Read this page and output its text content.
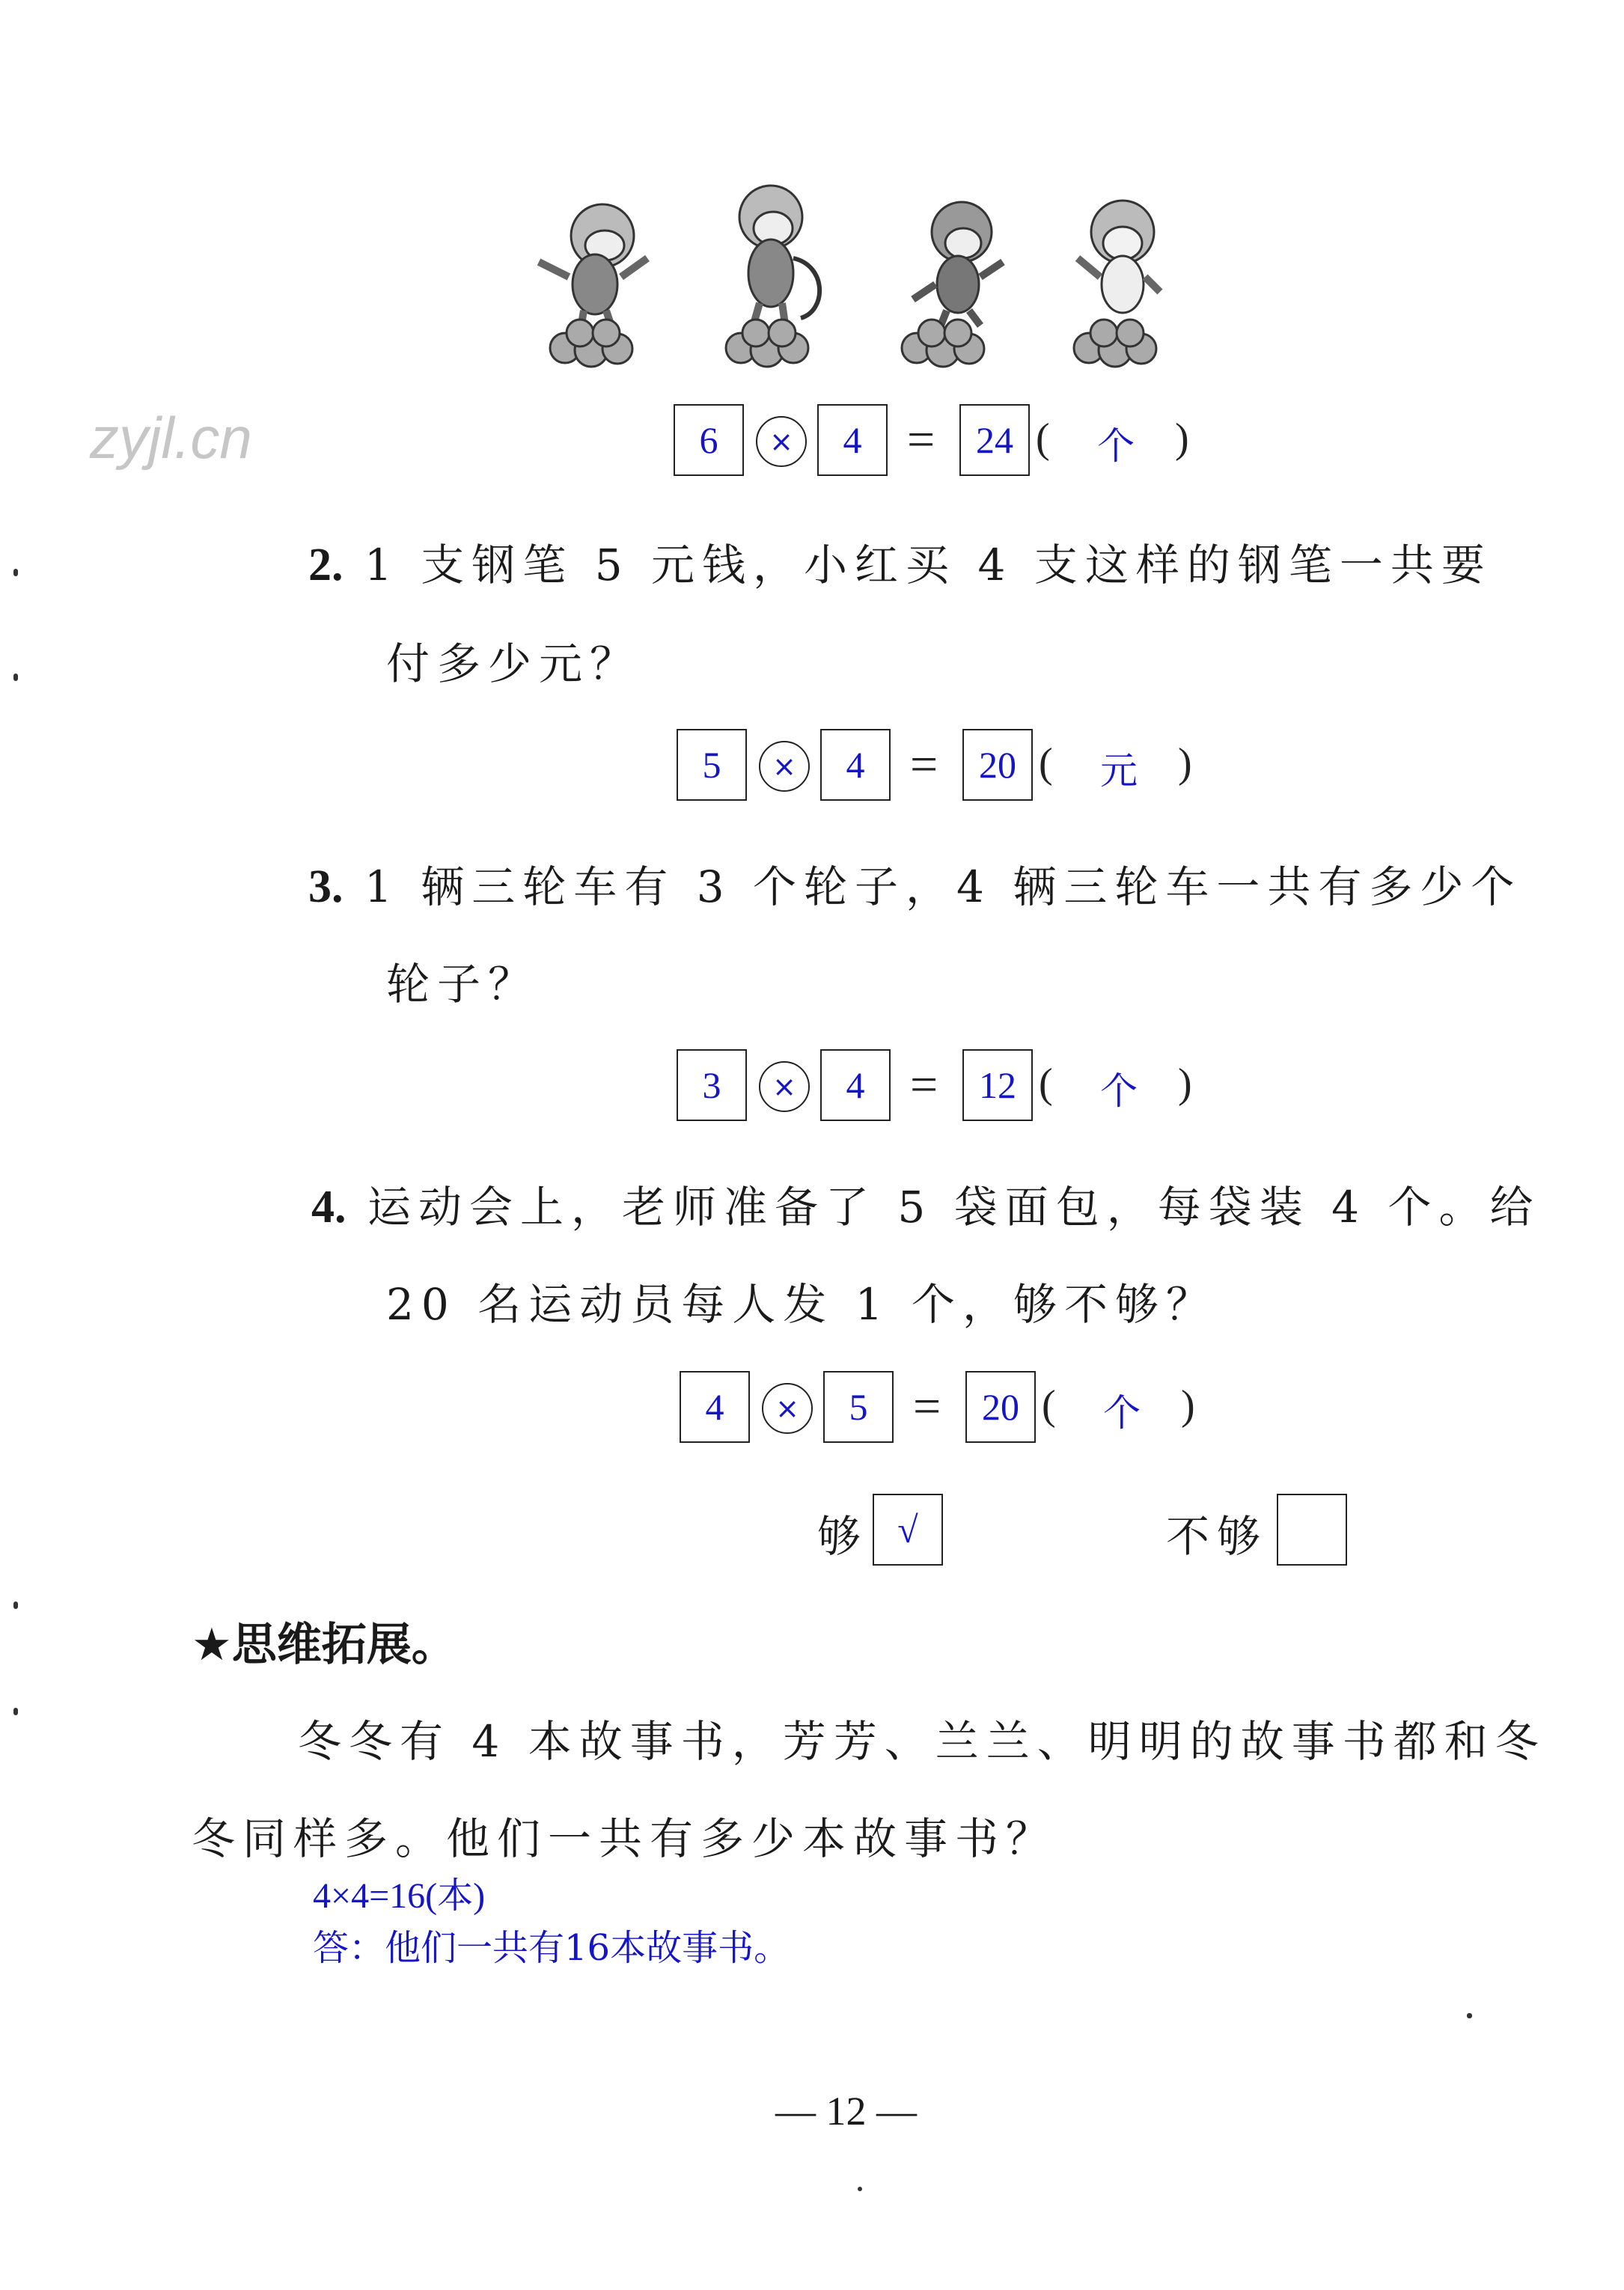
zyjl.cn	6	×	4 =	24 ( 个 )
2. 1 支钢笔 5 元钱，小红买 4 支这样的钢笔一共要
付多少元？
5	×	4 =	20 ( 元 )
3. 1 辆三轮车有 3 个轮子，4 辆三轮车一共有多少个
轮子？
3	×	4 =	12 ( 个 )
4. 运动会上，老师准备了 5 袋面包，每袋装 4 个。给
20 名运动员每人发 1 个，够不够？
4	×	5 =	20 ( 个 )
够 √	不够
★思维拓展。
冬冬有 4 本故事书，芳芳、兰兰、明明的故事书都和冬
冬同样多。他们一共有多少本故事书？
4×4=16(本)
答：他们一共有16本故事书。
— 12 —
